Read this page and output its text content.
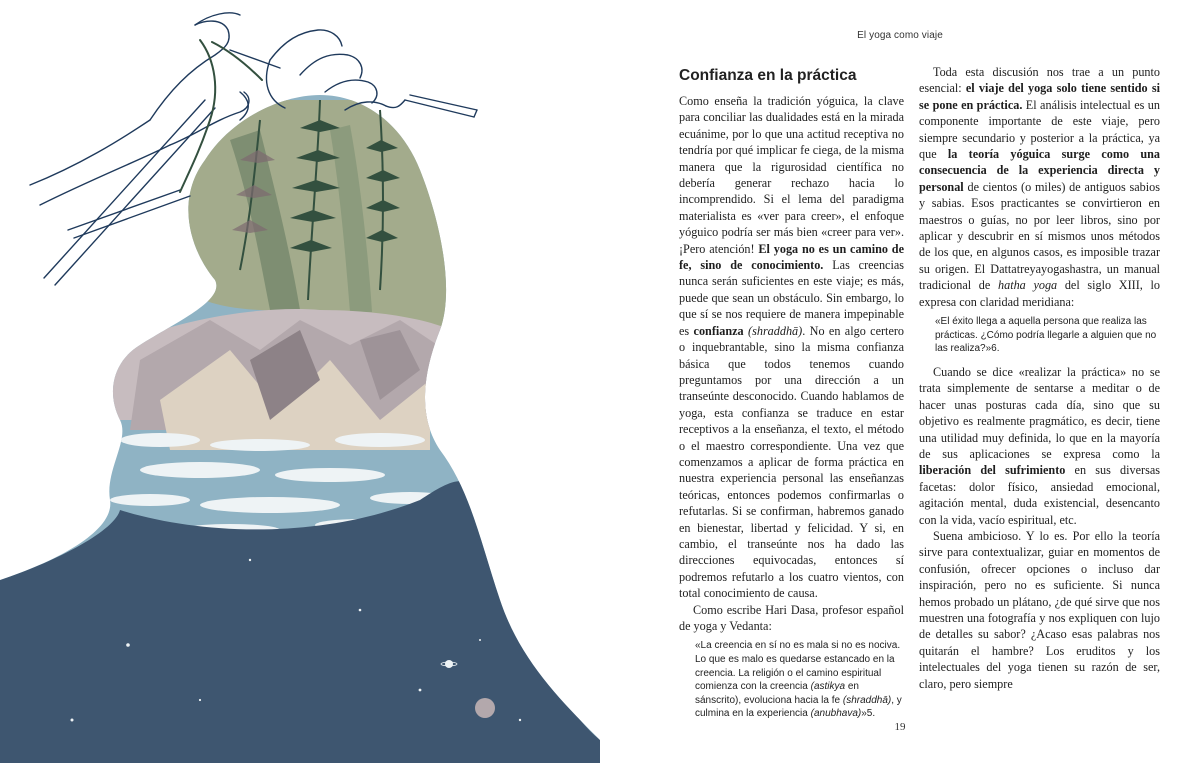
El yoga como viaje
Confianza en la práctica

Como enseña la tradición yóguica, la clave para conciliar las dualidades está en la mirada ecuánime, por lo que una actitud receptiva no tendría por qué implicar fe ciega, de la misma manera que la rigurosidad científica no debería generar rechazo hacia lo incomprendido. Si el lema del paradigma materialista es «ver para creer», el enfoque yóguico podría ser más bien «creer para ver». ¡Pero atención! El yoga no es un camino de fe, sino de conocimiento. Las creencias nunca serán suficientes en este viaje; es más, puede que sean un obstáculo. Sin embargo, lo que sí se nos requiere de manera impepinable es confianza (shraddhā). No en algo certero o inquebrantable, sino la misma confianza básica que todos tenemos cuando preguntamos por una dirección a un transeúnte desconocido. Cuando hablamos de yoga, esta confianza se traduce en estar receptivos a la enseñanza, el texto, el método o el maestro correspondiente. Una vez que comenzamos a aplicar de forma práctica en nuestra experiencia personal las enseñanzas teóricas, entonces podemos confirmarlas o refutarlas. Si se confirman, habremos ganado en bienestar, libertad y felicidad. Y si, en cambio, el transeúnte nos ha dado las direcciones equivocadas, entonces sí podremos refutarlo a los cuatro vientos, con total conocimiento de causa.

Como escribe Hari Dasa, profesor español de yoga y Vedanta:

«La creencia en sí no es mala si no es nociva. Lo que es malo es quedarse estancado en la creencia. La religión o el camino espiritual comienza con la creencia (astikya en sánscrito), evoluciona hacia la fe (shraddhā), y culmina en la experiencia (anubhava)»5.

Toda esta discusión nos trae a un punto esencial: el viaje del yoga solo tiene sentido si se pone en práctica. El análisis intelectual es un componente importante de este viaje, pero siempre secundario y posterior a la práctica, ya que la teoría yóguica surge como una consecuencia de la experiencia directa y personal de cientos (o miles) de antiguos sabios y sabias. Esos practicantes se convirtieron en maestros o guías, no por leer libros, sino por aplicar y descubrir en sí mismos unos métodos de los que, en algunos casos, es imposible trazar su origen. El Dattatreyayogashastra, un manual tradicional de hatha yoga del siglo XIII, lo expresa con claridad meridiana:

«El éxito llega a aquella persona que realiza las prácticas. ¿Cómo podría llegarle a alguien que no las realiza?»6.

Cuando se dice «realizar la práctica» no se trata simplemente de sentarse a meditar o de hacer unas posturas cada día, sino que su objetivo es realmente pragmático, es decir, tiene una utilidad muy definida, lo que en la mayoría de sus aplicaciones se expresa como la liberación del sufrimiento en sus diversas facetas: dolor físico, ansiedad emocional, agitación mental, duda existencial, desencanto con la vida, vacío espiritual, etc.

Suena ambicioso. Y lo es. Por ello la teoría sirve para contextualizar, guiar en momentos de confusión, ofrecer opciones o incluso dar inspiración, pero no es suficiente. Si nunca hemos probado un plátano, ¿de qué sirve que nos muestren una fotografía y nos expliquen con lujo de detalles su sabor? ¿Acaso esas palabras nos quitarán el hambre? Los eruditos y los intelectuales del yoga tienen su razón de ser, claro, pero siempre

19
